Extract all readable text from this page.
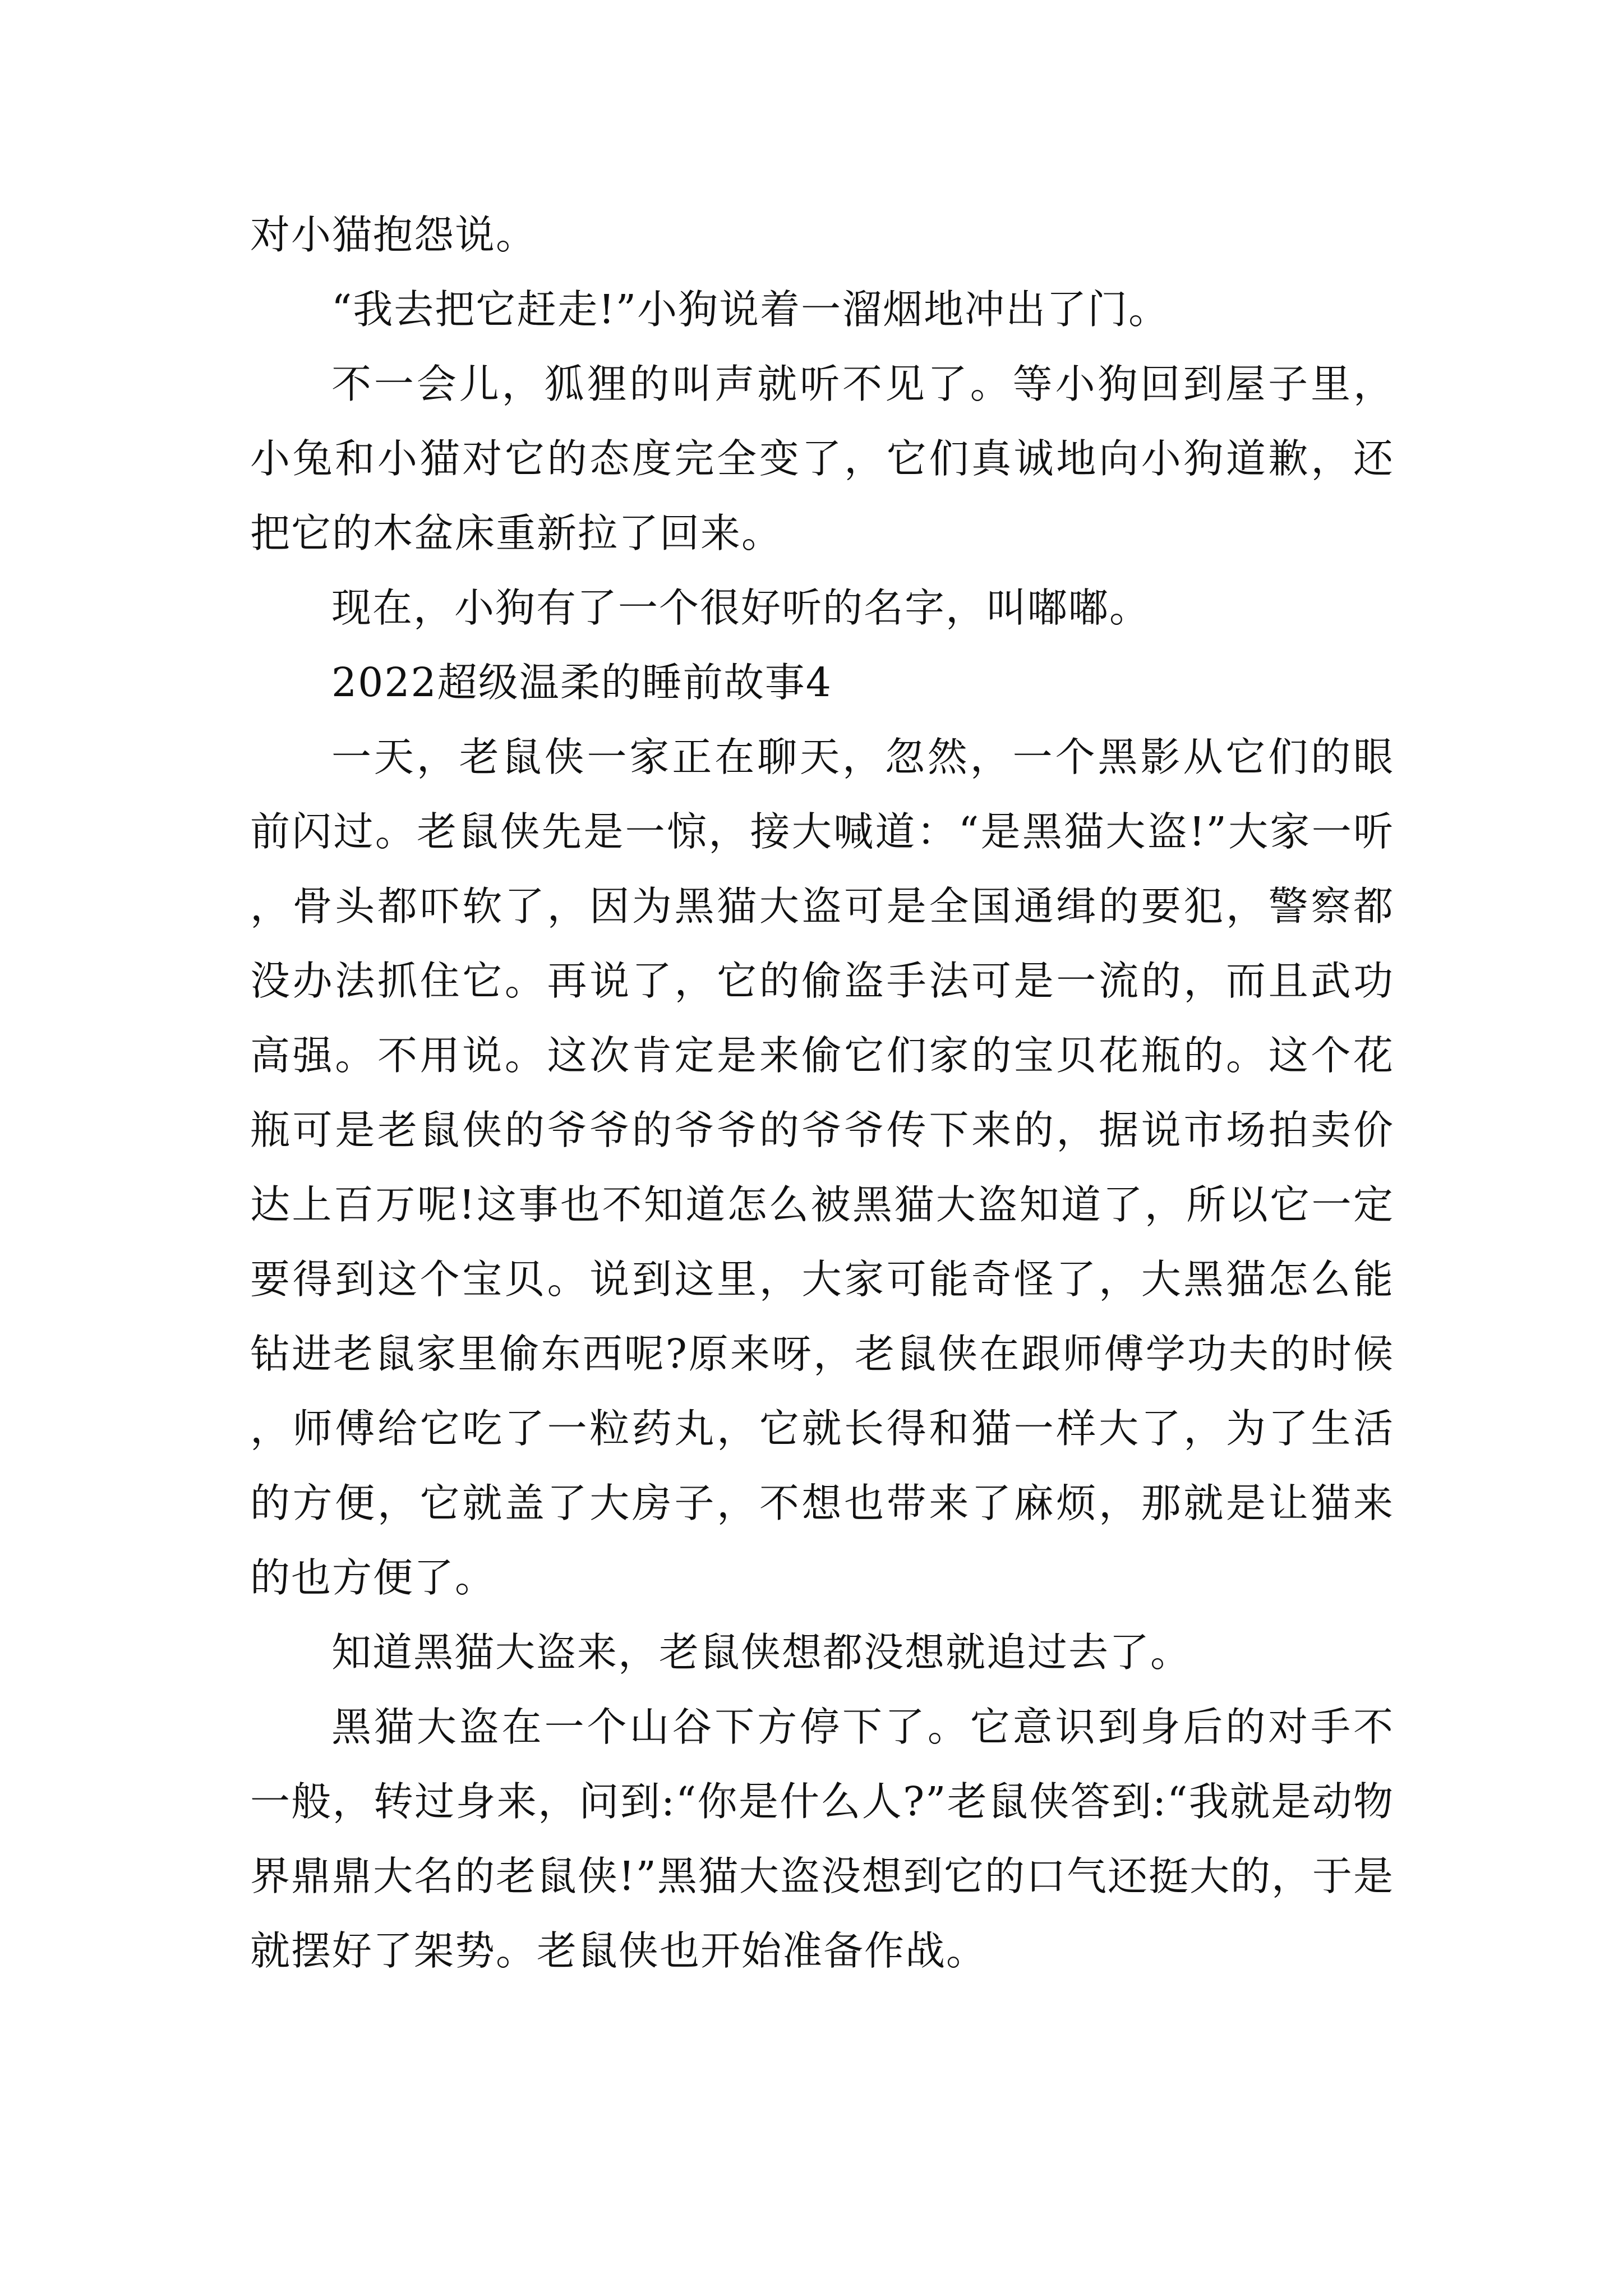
对小猫抱怨说。

“我去把它赶走!”小狗说着一溜烟地冲出了门。

不一会儿，狐狸的叫声就听不见了。等小狗回到屋子里，小兔和小猫对它的态度完全变了，它们真诚地向小狗道歉，还把它的木盆床重新拉了回来。

现在，小狗有了一个很好听的名字，叫嘟嘟。

2022超级温柔的睡前故事4

一天，老鼠侠一家正在聊天，忽然，一个黑影从它们的眼前闪过。老鼠侠先是一惊，接大喊道：“是黑猫大盗!”大家一听，骨头都吓软了，因为黑猫大盗可是全国通缉的要犯，警察都没办法抓住它。再说了，它的偷盗手法可是一流的，而且武功高强。不用说。这次肯定是来偷它们家的宝贝花瓶的。这个花瓶可是老鼠侠的爷爷的爷爷的爷爷传下来的，据说市场拍卖价达上百万呢!这事也不知道怎么被黑猫大盗知道了，所以它一定要得到这个宝贝。说到这里，大家可能奇怪了，大黑猫怎么能钻进老鼠家里偷东西呢?原来呀，老鼠侠在跟师傅学功夫的时候，师傅给它吃了一粒药丸，它就长得和猫一样大了，为了生活的方便，它就盖了大房子，不想也带来了麻烦，那就是让猫来的也方便了。

知道黑猫大盗来，老鼠侠想都没想就追过去了。

黑猫大盗在一个山谷下方停下了。它意识到身后的对手不一般，转过身来，问到:“你是什么人?”老鼠侠答到:“我就是动物界鼎鼎大名的老鼠侠!”黑猫大盗没想到它的口气还挺大的，于是就摆好了架势。老鼠侠也开始准备作战。
